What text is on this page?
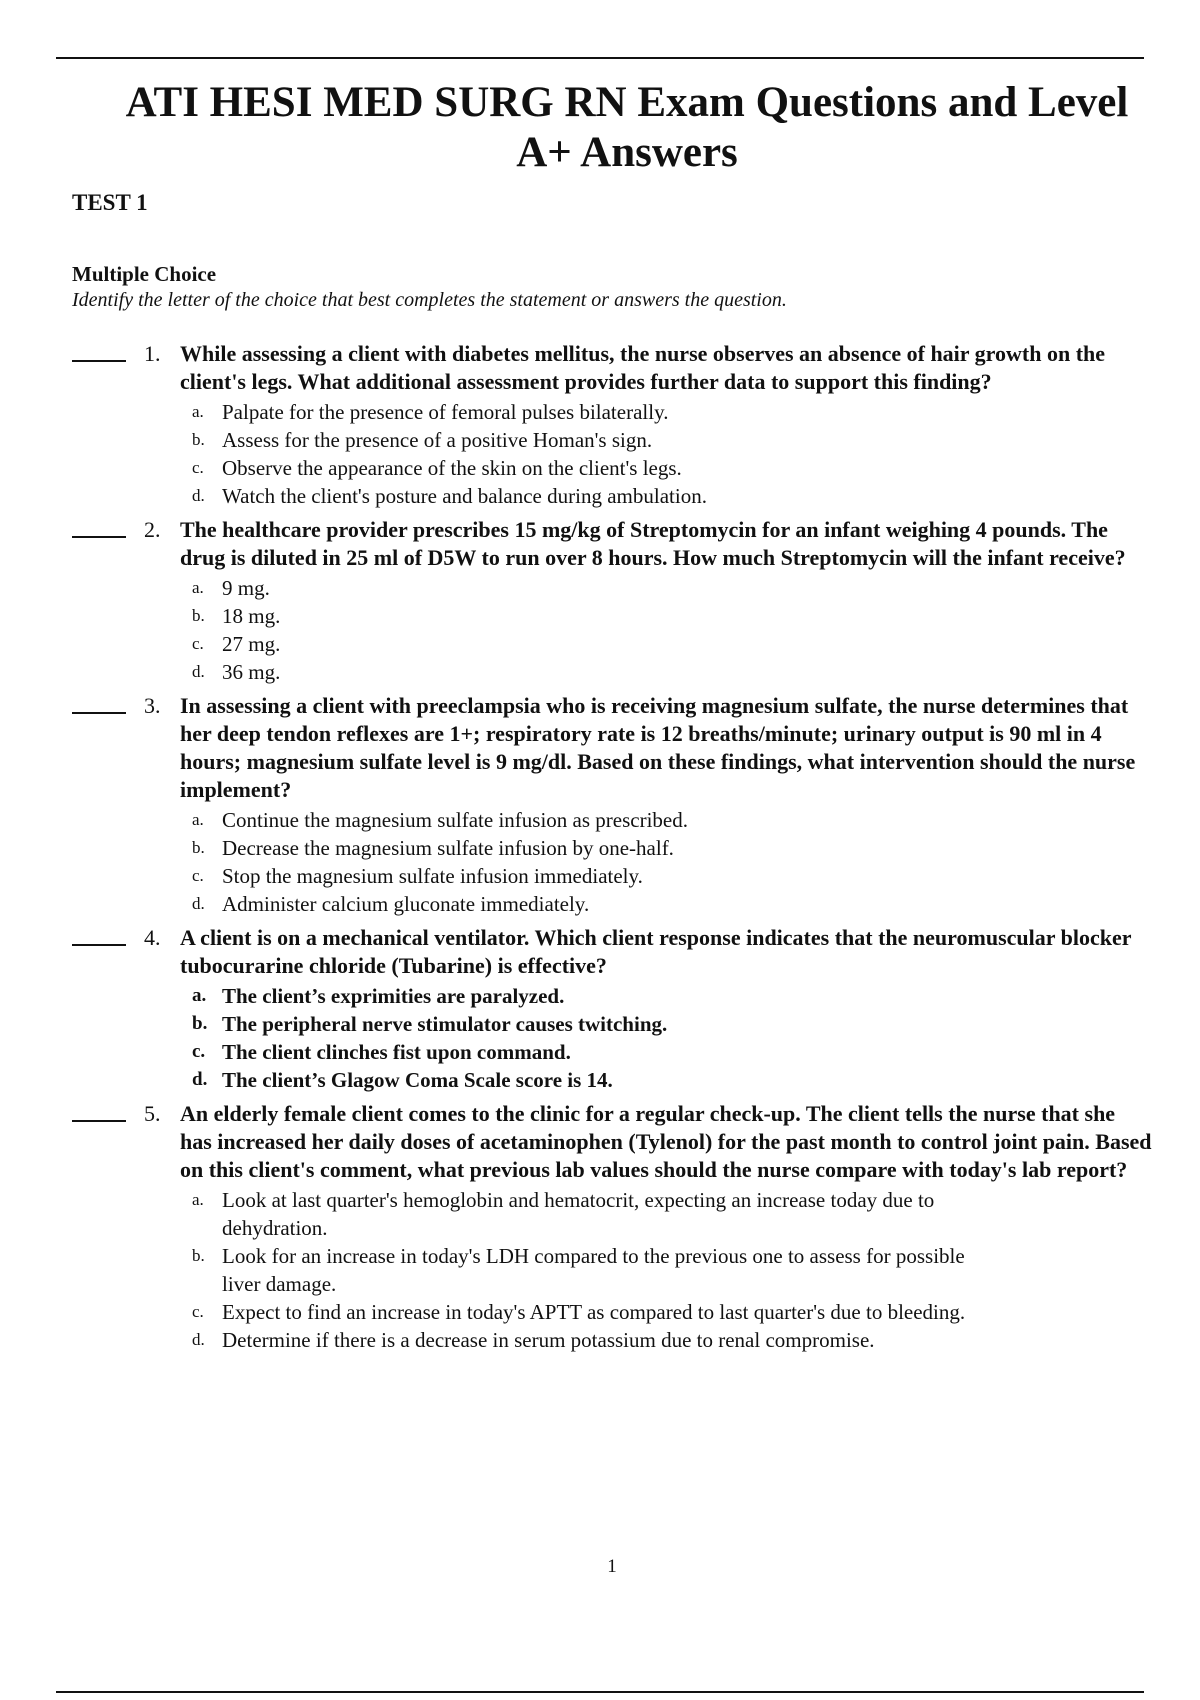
ATI HESI MED SURG RN Exam Questions and Level A+ Answers
TEST 1
Multiple Choice
Identify the letter of the choice that best completes the statement or answers the question.
1. While assessing a client with diabetes mellitus, the nurse observes an absence of hair growth on the client's legs. What additional assessment provides further data to support this finding?
a. Palpate for the presence of femoral pulses bilaterally.
b. Assess for the presence of a positive Homan's sign.
c. Observe the appearance of the skin on the client's legs.
d. Watch the client's posture and balance during ambulation.
2. The healthcare provider prescribes 15 mg/kg of Streptomycin for an infant weighing 4 pounds. The drug is diluted in 25 ml of D5W to run over 8 hours. How much Streptomycin will the infant receive?
a. 9 mg.
b. 18 mg.
c. 27 mg.
d. 36 mg.
3. In assessing a client with preeclampsia who is receiving magnesium sulfate, the nurse determines that her deep tendon reflexes are 1+; respiratory rate is 12 breaths/minute; urinary output is 90 ml in 4 hours; magnesium sulfate level is 9 mg/dl. Based on these findings, what intervention should the nurse implement?
a. Continue the magnesium sulfate infusion as prescribed.
b. Decrease the magnesium sulfate infusion by one-half.
c. Stop the magnesium sulfate infusion immediately.
d. Administer calcium gluconate immediately.
4. A client is on a mechanical ventilator. Which client response indicates that the neuromuscular blocker tubocurarine chloride (Tubarine) is effective?
a. The client’s exprimities are paralyzed.
b. The peripheral nerve stimulator causes twitching.
c. The client clinches fist upon command.
d. The client’s Glagow Coma Scale score is 14.
5. An elderly female client comes to the clinic for a regular check-up. The client tells the nurse that she has increased her daily doses of acetaminophen (Tylenol) for the past month to control joint pain. Based on this client's comment, what previous lab values should the nurse compare with today's lab report?
a. Look at last quarter's hemoglobin and hematocrit, expecting an increase today due to dehydration.
b. Look for an increase in today's LDH compared to the previous one to assess for possible liver damage.
c. Expect to find an increase in today's APTT as compared to last quarter's due to bleeding.
d. Determine if there is a decrease in serum potassium due to renal compromise.
1
